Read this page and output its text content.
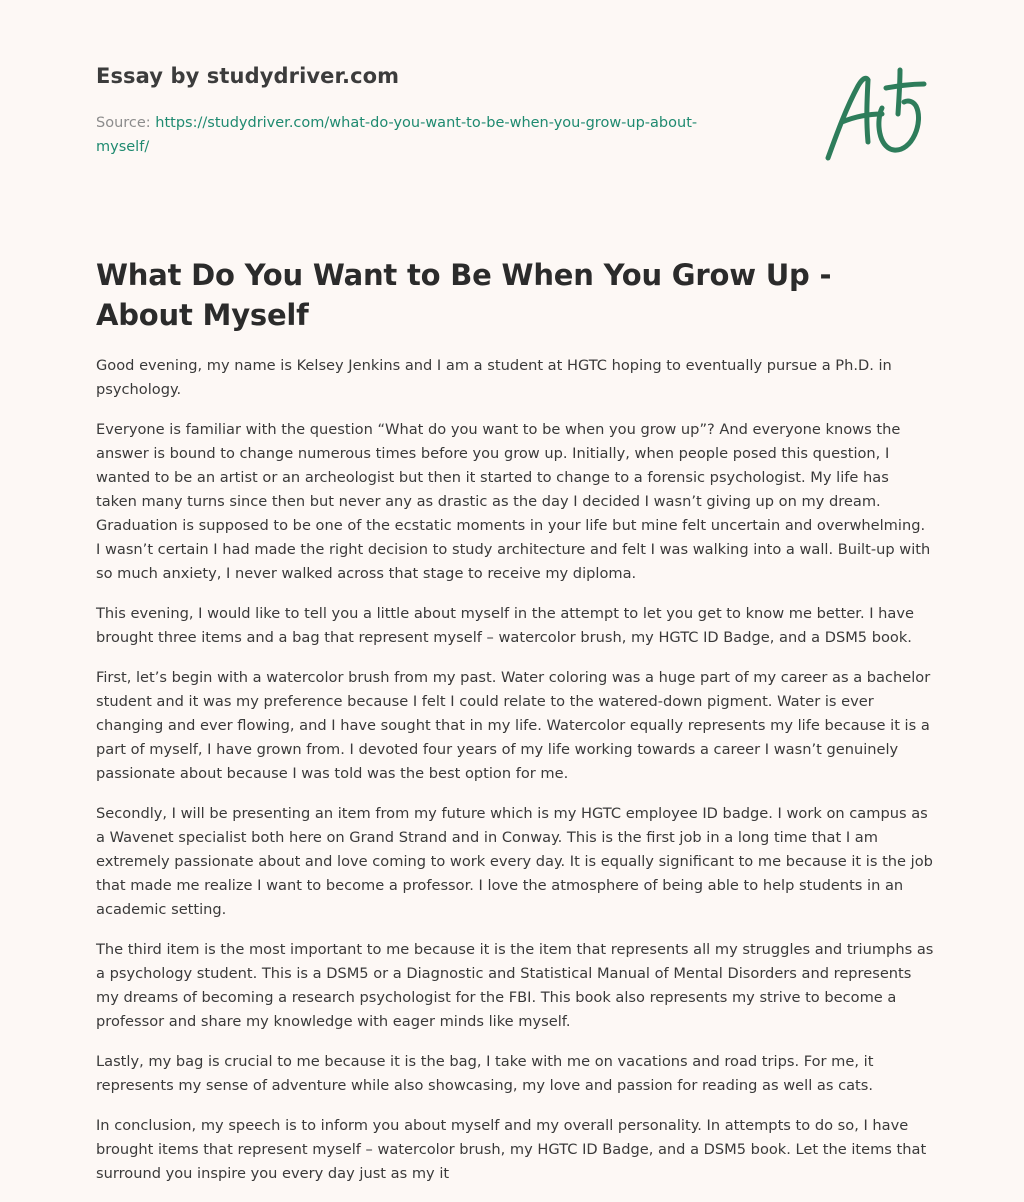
Essay by studydriver.com
Source: https://studydriver.com/what-do-you-want-to-be-when-you-grow-up-about-myself/
What Do You Want to Be When You Grow Up - About Myself

Good evening, my name is Kelsey Jenkins and I am a student at HGTC hoping to eventually pursue a Ph.D. in psychology.

Everyone is familiar with the question “What do you want to be when you grow up”? And everyone knows the answer is bound to change numerous times before you grow up. Initially, when people posed this question, I wanted to be an artist or an archeologist but then it started to change to a forensic psychologist. My life has taken many turns since then but never any as drastic as the day I decided I wasn’t giving up on my dream. Graduation is supposed to be one of the ecstatic moments in your life but mine felt uncertain and overwhelming. I wasn’t certain I had made the right decision to study architecture and felt I was walking into a wall. Built-up with so much anxiety, I never walked across that stage to receive my diploma.

This evening, I would like to tell you a little about myself in the attempt to let you get to know me better. I have brought three items and a bag that represent myself – watercolor brush, my HGTC ID Badge, and a DSM5 book.

First, let’s begin with a watercolor brush from my past. Water coloring was a huge part of my career as a bachelor student and it was my preference because I felt I could relate to the watered-down pigment. Water is ever changing and ever flowing, and I have sought that in my life. Watercolor equally represents my life because it is a part of myself, I have grown from. I devoted four years of my life working towards a career I wasn’t genuinely passionate about because I was told was the best option for me.

Secondly, I will be presenting an item from my future which is my HGTC employee ID badge. I work on campus as a Wavenet specialist both here on Grand Strand and in Conway. This is the first job in a long time that I am extremely passionate about and love coming to work every day. It is equally significant to me because it is the job that made me realize I want to become a professor. I love the atmosphere of being able to help students in an academic setting.

The third item is the most important to me because it is the item that represents all my struggles and triumphs as a psychology student. This is a DSM5 or a Diagnostic and Statistical Manual of Mental Disorders and represents my dreams of becoming a research psychologist for the FBI. This book also represents my strive to become a professor and share my knowledge with eager minds like myself.

Lastly, my bag is crucial to me because it is the bag, I take with me on vacations and road trips. For me, it represents my sense of adventure while also showcasing, my love and passion for reading as well as cats.

In conclusion, my speech is to inform you about myself and my overall personality. In attempts to do so, I have brought items that represent myself – watercolor brush, my HGTC ID Badge, and a DSM5 book. Let the items that surround you inspire you every day just as my it
